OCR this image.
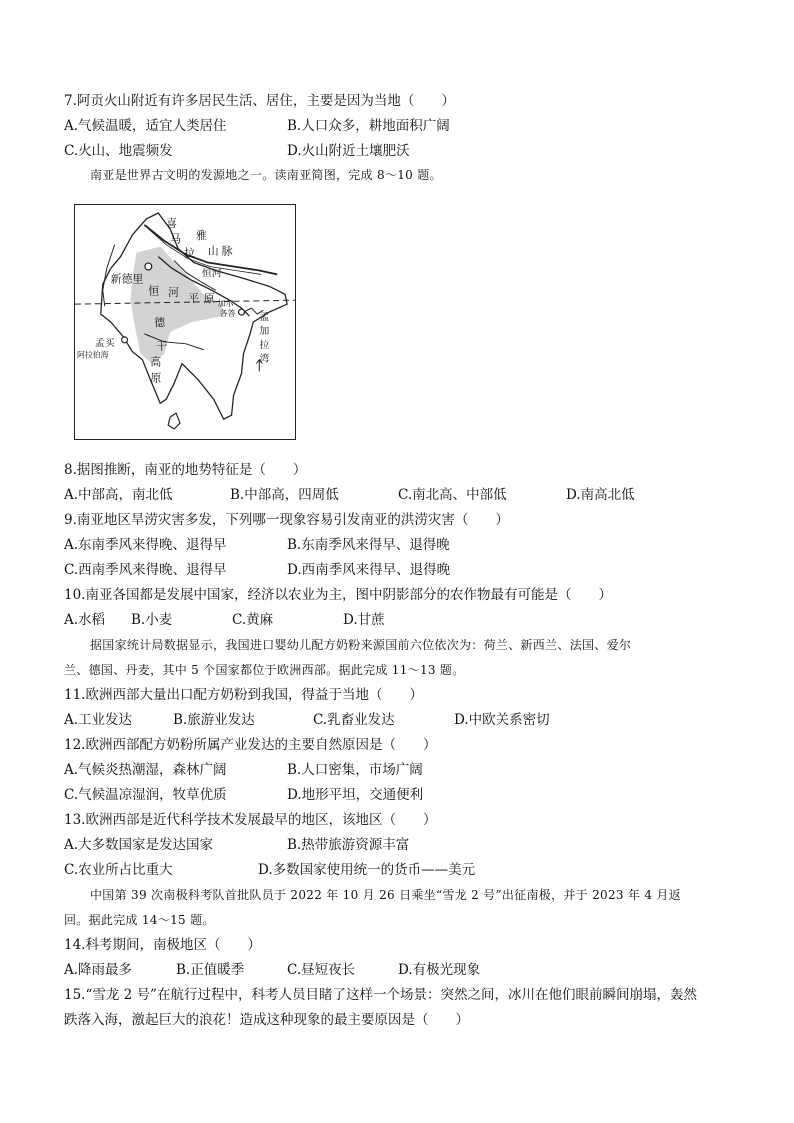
7.阿贡火山附近有许多居民生活、居住，主要是因为当地（　　）
A.气候温暖，适宜人类居住	B.人口众多，耕地面积广阔
C.火山、地震频发	D.火山附近土壤肥沃
南亚是世界古文明的发源地之一。读南亚简图，完成 8～10 题。
喜
马
拉
雅
山 脉
新德里	恒河
恒 河 平 原 加尔
各答
德
干
高
原
孟买
阿拉伯海
孟
加
拉
湾
8.据图推断，南亚的地势特征是（　　）
A.中部高，南北低	B.中部高，四周低	C.南北高、中部低	D.南高北低
9.南亚地区旱涝灾害多发，下列哪一现象容易引发南亚的洪涝灾害（　　）
A.东南季风来得晚、退得早	B.东南季风来得早、退得晚
C.西南季风来得晚、退得早	D.西南季风来得早、退得晚
10.南亚各国都是发展中国家，经济以农业为主，图中阴影部分的农作物最有可能是（　　）
A.水稻 B.小麦	C.黄麻	D.甘蔗
据国家统计局数据显示，我国进口婴幼儿配方奶粉来源国前六位依次为：荷兰、新西兰、法国、爱尔
兰、德国、丹麦，其中 5 个国家都位于欧洲西部。据此完成 11～13 题。
11.欧洲西部大量出口配方奶粉到我国，得益于当地（　　）
A.工业发达	B.旅游业发达	C.乳畜业发达	D.中欧关系密切
12.欧洲西部配方奶粉所属产业发达的主要自然原因是（　　）
A.气候炎热潮湿，森林广阔	B.人口密集，市场广阔
C.气候温凉湿润，牧草优质	D.地形平坦，交通便利
13.欧洲西部是近代科学技术发展最早的地区，该地区（　　）
A.大多数国家是发达国家	B.热带旅游资源丰富
C.农业所占比重大	D.多数国家使用统一的货币——美元
中国第 39 次南极科考队首批队员于 2022 年 10 月 26 日乘坐“雪龙 2 号”出征南极，并于 2023 年 4 月返
回。据此完成 14～15 题。
14.科考期间，南极地区（　　）
A.降雨最多	B.正值暖季	C.昼短夜长	D.有极光现象
15.“雪龙 2 号”在航行过程中，科考人员目睹了这样一个场景：突然之间，冰川在他们眼前瞬间崩塌，轰然
跌落入海，激起巨大的浪花！造成这种现象的最主要原因是（　　）
